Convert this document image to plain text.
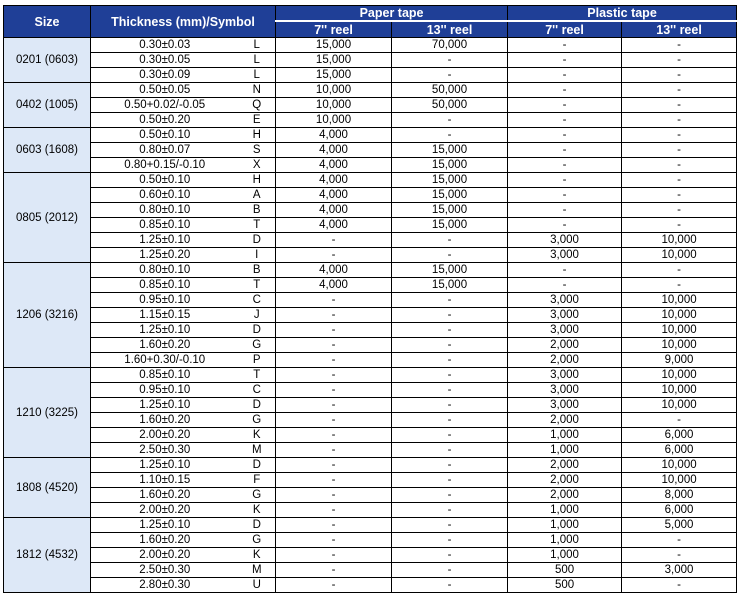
Size	Thickness (mm)/Symbol		Paper tape		Plastic tape	
			7'' reel	13'' reel	7'' reel	13'' reel
0201 (0603)	0.30±0.03	L	15,000	70,000	-	-
	0.30±0.05	L	15,000	-	-	-
	0.30±0.09	L	15,000	-	-	-
0402 (1005)	0.50±0.05	N	10,000	50,000	-	-
	0.50+0.02/-0.05	Q	10,000	50,000	-	-
	0.50±0.20	E	10,000	-	-	-
0603 (1608)	0.50±0.10	H	4,000	-	-	-
	0.80±0.07	S	4,000	15,000	-	-
	0.80+0.15/-0.10	X	4,000	15,000	-	-
0805 (2012)	0.50±0.10	H	4,000	15,000	-	-
	0.60±0.10	A	4,000	15,000	-	-
	0.80±0.10	B	4,000	15,000	-	-
	0.85±0.10	T	4,000	15,000	-	-
	1.25±0.10	D	-	-	3,000	10,000
	1.25±0.20	I	-	-	3,000	10,000
1206 (3216)	0.80±0.10	B	4,000	15,000	-	-
	0.85±0.10	T	4,000	15,000	-	-
	0.95±0.10	C	-	-	3,000	10,000
	1.15±0.15	J	-	-	3,000	10,000
	1.25±0.10	D	-	-	3,000	10,000
	1.60±0.20	G	-	-	2,000	10,000
	1.60+0.30/-0.10	P	-	-	2,000	9,000
1210 (3225)	0.85±0.10	T	-	-	3,000	10,000
	0.95±0.10	C	-	-	3,000	10,000
	1.25±0.10	D	-	-	3,000	10,000
	1.60±0.20	G	-	-	2,000	-
	2.00±0.20	K	-	-	1,000	6,000
	2.50±0.30	M	-	-	1,000	6,000
1808 (4520)	1.25±0.10	D	-	-	2,000	10,000
	1.10±0.15	F	-	-	2,000	10,000
	1.60±0.20	G	-	-	2,000	8,000
	2.00±0.20	K	-	-	1,000	6,000
1812 (4532)	1.25±0.10	D	-	-	1,000	5,000
	1.60±0.20	G	-	-	1,000	-
	2.00±0.20	K	-	-	1,000	-
	2.50±0.30	M	-	-	500	3,000
	2.80±0.30	U	-	-	500	-
